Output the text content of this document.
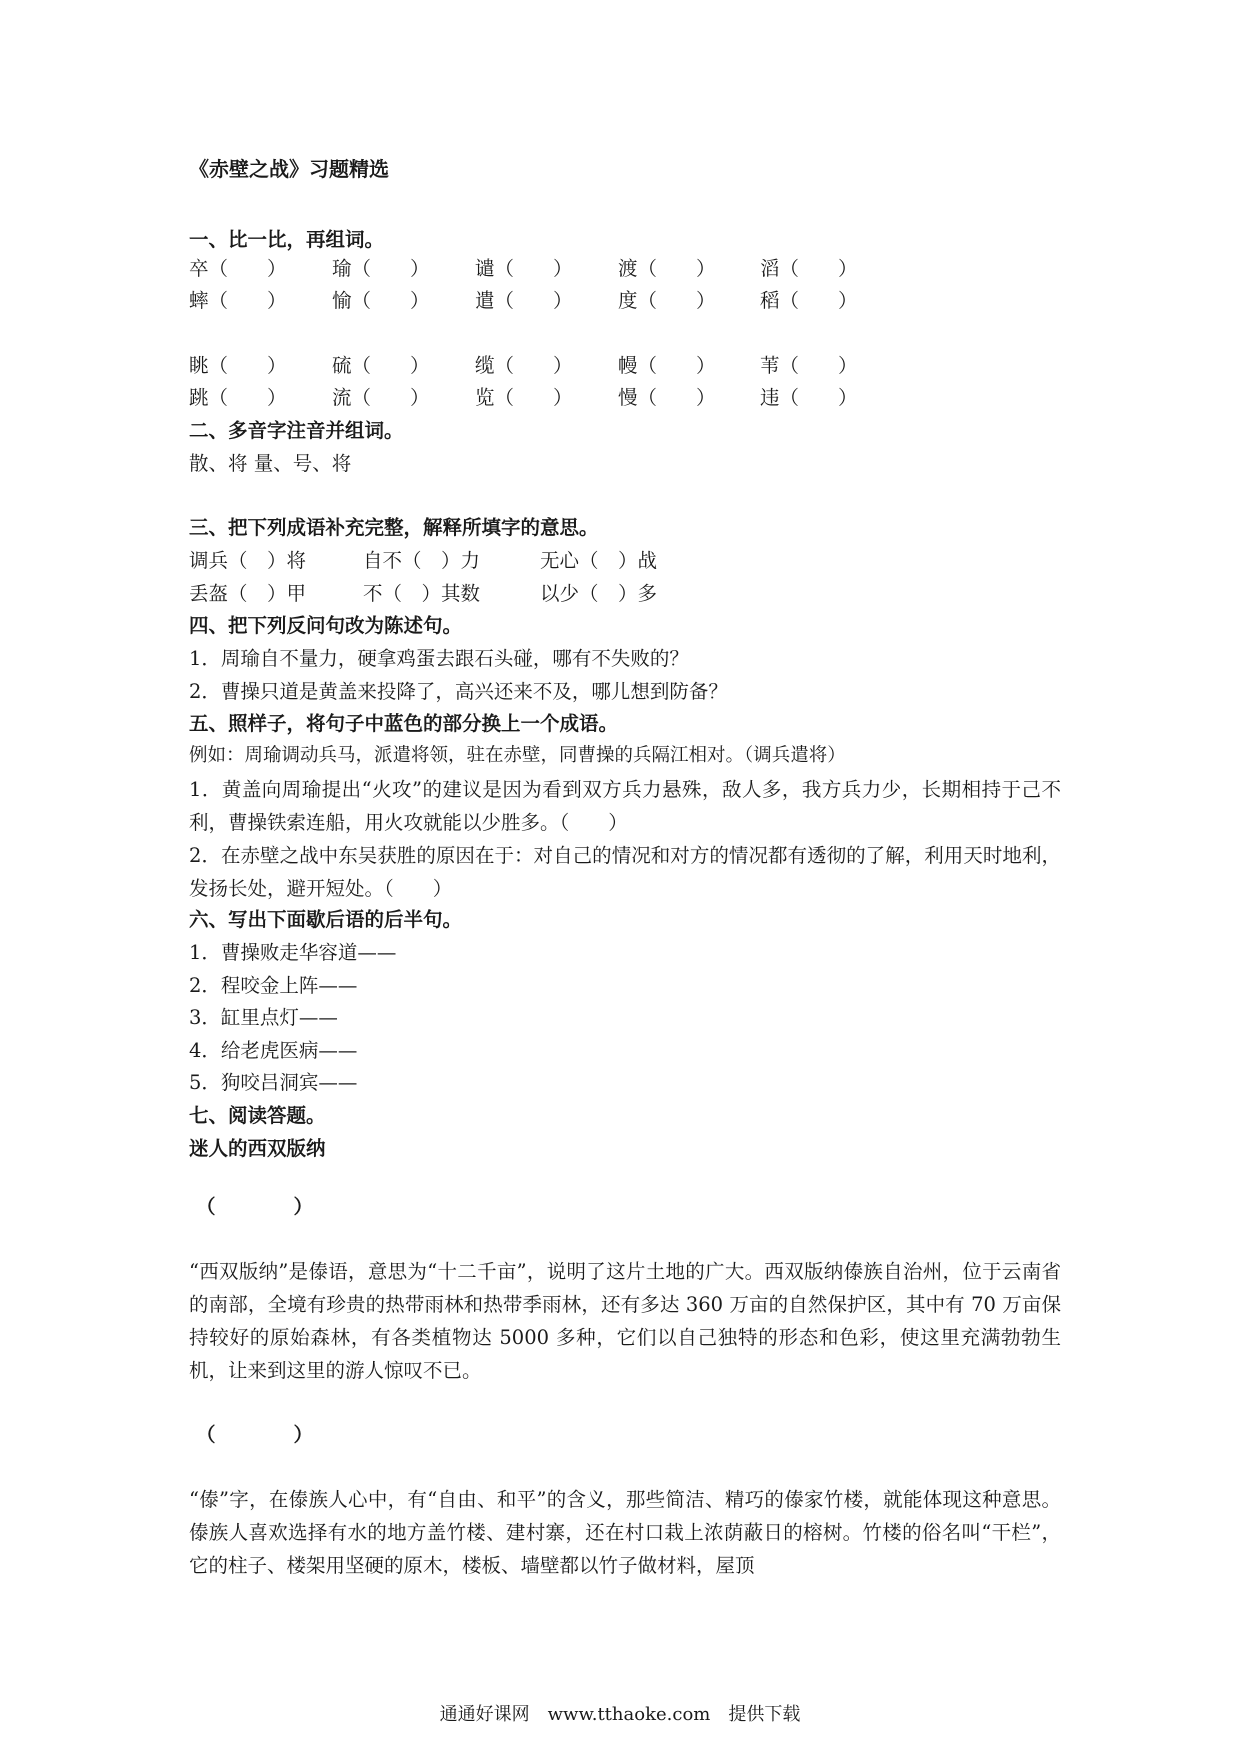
《赤壁之战》习题精选
一、比一比，再组词。
卒（　　） 瑜（　　） 谴（　　） 渡（　　） 滔（　　）
蟀（　　） 愉（　　） 遣（　　） 度（　　） 稻（　　）
眺（　　） 硫（　　） 缆（　　） 幔（　　） 苇（　　）
跳（　　） 流（　　） 览（　　） 慢（　　） 违（　　）
二、多音字注音并组词。
散、将 量、号、将
三、把下列成语补充完整，解释所填字的意思。
调兵（　）将	自不（　）力	无心（　）战
丢盔（　）甲	不（　）其数	以少（　）多
四、把下列反问句改为陈述句。
1．周瑜自不量力，硬拿鸡蛋去跟石头碰，哪有不失败的？
2．曹操只道是黄盖来投降了，高兴还来不及，哪儿想到防备？
五、照样子，将句子中蓝色的部分换上一个成语。
例如：周瑜调动兵马，派遣将领，驻在赤壁，同曹操的兵隔江相对。（调兵遣将）
1．黄盖向周瑜提出“火攻”的建议是因为看到双方兵力悬殊，敌人多，我方兵力少，长期相持于己不利，曹操铁索连船，用火攻就能以少胜多。（　　）
2．在赤壁之战中东吴获胜的原因在于：对自己的情况和对方的情况都有透彻的了解，利用天时地利，发扬长处，避开短处。（　　）
六、写出下面歇后语的后半句。
1．曹操败走华容道——
2．程咬金上阵——
3．缸里点灯——
4．给老虎医病——
5．狗咬吕洞宾——
七、阅读答题。
迷人的西双版纳
（　　　　）
“西双版纳”是傣语，意思为“十二千亩”，说明了这片土地的广大。西双版纳傣族自治州，位于云南省的南部，全境有珍贵的热带雨林和热带季雨林，还有多达 360 万亩的自然保护区，其中有 70 万亩保持较好的原始森林，有各类植物达 5000 多种，它们以自己独特的形态和色彩，使这里充满勃勃生机，让来到这里的游人惊叹不已。
（　　　　）
“傣”字，在傣族人心中，有“自由、和平”的含义，那些简洁、精巧的傣家竹楼，就能体现这种意思。傣族人喜欢选择有水的地方盖竹楼、建村寨，还在村口栽上浓荫蔽日的榕树。竹楼的俗名叫“干栏”，它的柱子、楼架用坚硬的原木，楼板、墙壁都以竹子做材料，屋顶
通通好课网　www.tthaoke.com　提供下载
